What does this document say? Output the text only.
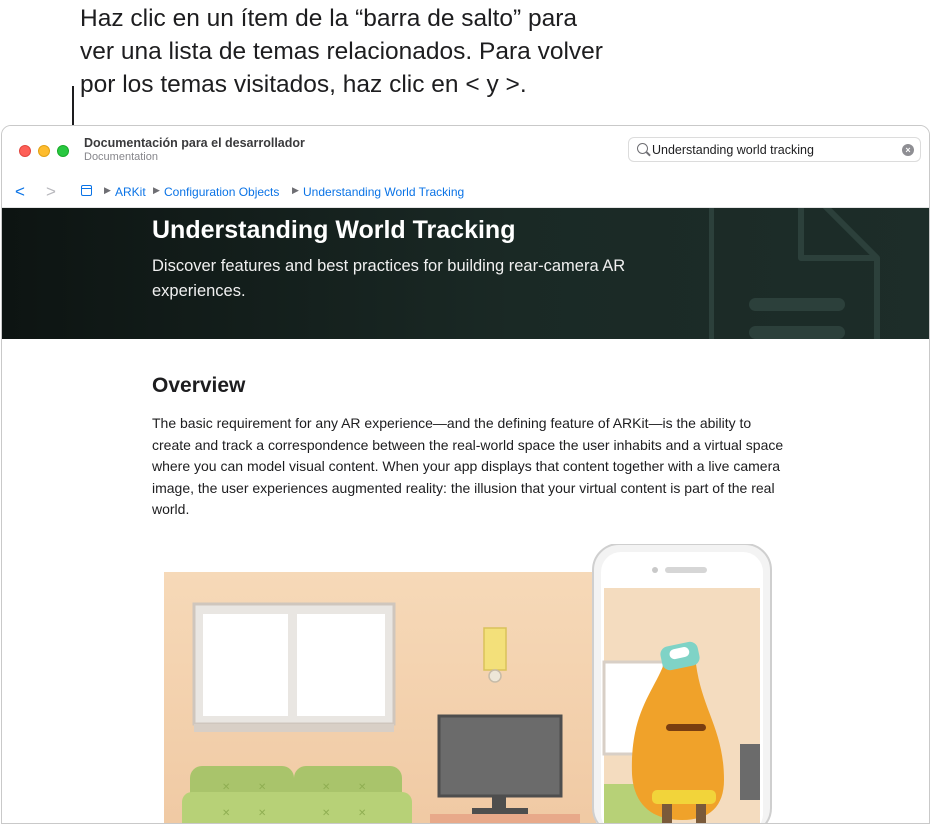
Haz clic en un ítem de la “barra de salto” para
ver una lista de temas relacionados. Para volver
por los temas visitados, haz clic en < y >.
Documentación para el desarrollador
Documentation
Understanding world tracking
×
< >	▶ ARKit ▶ Configuration Objects ▶ Understanding World Tracking
Understanding World Tracking
Discover features and best practices for building rear-camera AR experiences.
Overview
The basic requirement for any AR experience—and the defining feature of ARKit—is the ability to create and track a correspondence between the real-world space the user inhabits and a virtual space where you can model visual content. When your app displays that content together with a live camera image, the user experiences augmented reality: the illusion that your virtual content is part of the real world.
✕	✕	✕	✕
✕	✕	✕	✕
